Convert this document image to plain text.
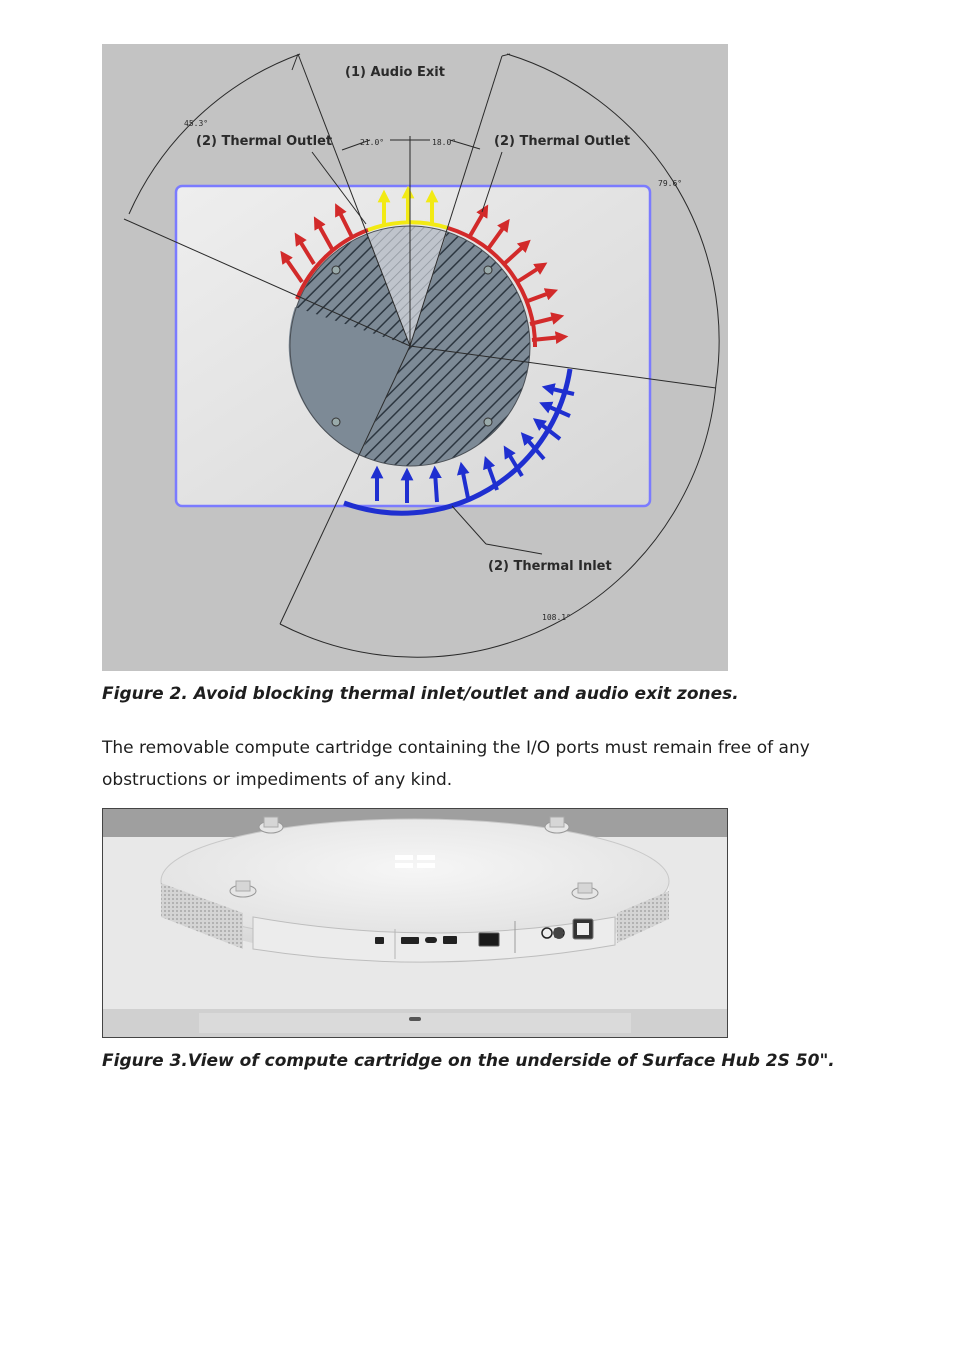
(1) Audio Exit
(2) Thermal Outlet	(2) Thermal Outlet
(2) Thermal Inlet
45.3°
21.0°	18.0°
79.6°
108.1°
Figure 2. Avoid blocking thermal inlet/outlet and audio exit zones.
The removable compute cartridge containing the I/O ports must remain free of any obstructions or impediments of any kind.
Figure 3.View of compute cartridge on the underside of Surface Hub 2S 50".
